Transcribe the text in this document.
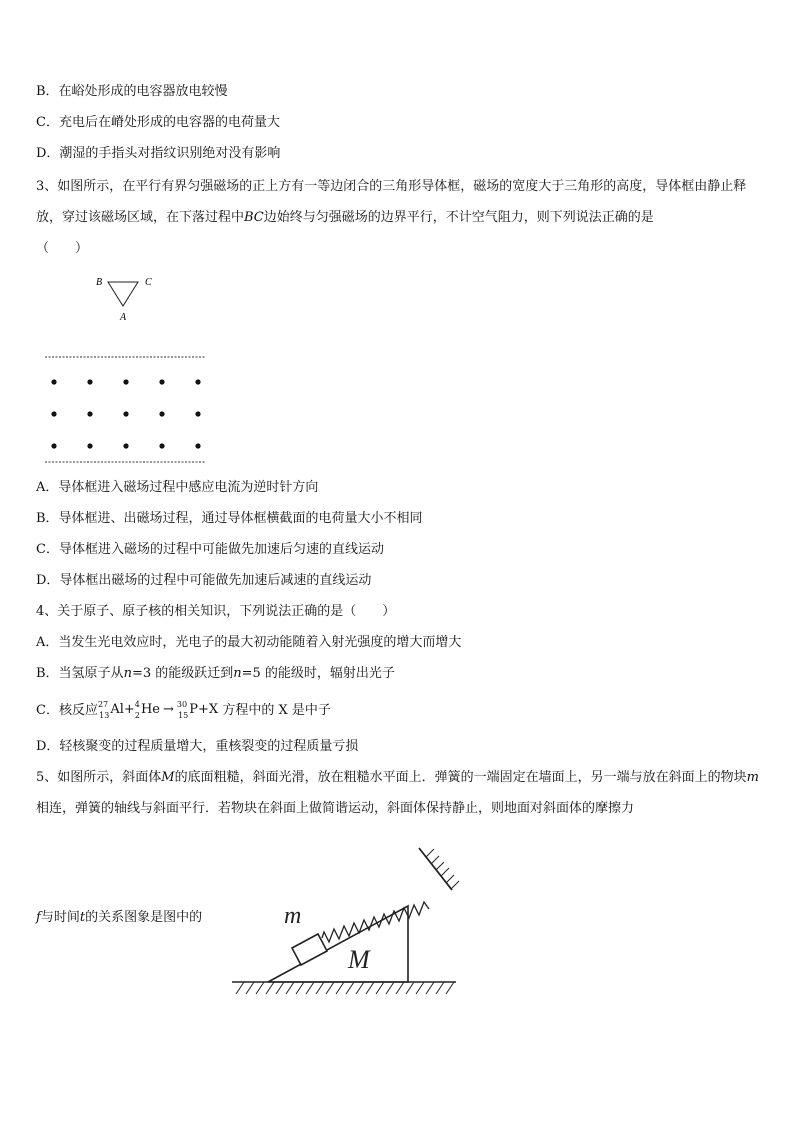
B．在峪处形成的电容器放电较慢
C．充电后在嵴处形成的电容器的电荷量大
D．潮湿的手指头对指纹识别绝对没有影响
3、如图所示，在平行有界匀强磁场的正上方有一等边闭合的三角形导体框，磁场的宽度大于三角形的高度，导体框由静止释放，穿过该磁场区域，在下落过程中BC边始终与匀强磁场的边界平行，不计空气阻力，则下列说法正确的是
（　　）
B	C
A
A．导体框进入磁场过程中感应电流为逆时针方向
B．导体框进、出磁场过程，通过导体框横截面的电荷量大小不相同
C．导体框进入磁场的过程中可能做先加速后匀速的直线运动
D．导体框出磁场的过程中可能做先加速后减速的直线运动
4、关于原子、原子核的相关知识，下列说法正确的是（　　）
A．当发生光电效应时，光电子的最大初动能随着入射光强度的增大而增大
B．当氢原子从n=3 的能级跃迁到n=5 的能级时，辐射出光子
C．核反应$^{27}_{13}$Al+$^4_2$He → $^{30}_{15}$P+X 方程中的 X 是中子
D．轻核聚变的过程质量增大，重核裂变的过程质量亏损
5、如图所示，斜面体M的底面粗糙，斜面光滑，放在粗糙水平面上．弹簧的一端固定在墙面上，另一端与放在斜面上的物块m相连，弹簧的轴线与斜面平行．若物块在斜面上做简谐运动，斜面体保持静止，则地面对斜面体的摩擦力
f与时间t的关系图象是图中的
M
m
